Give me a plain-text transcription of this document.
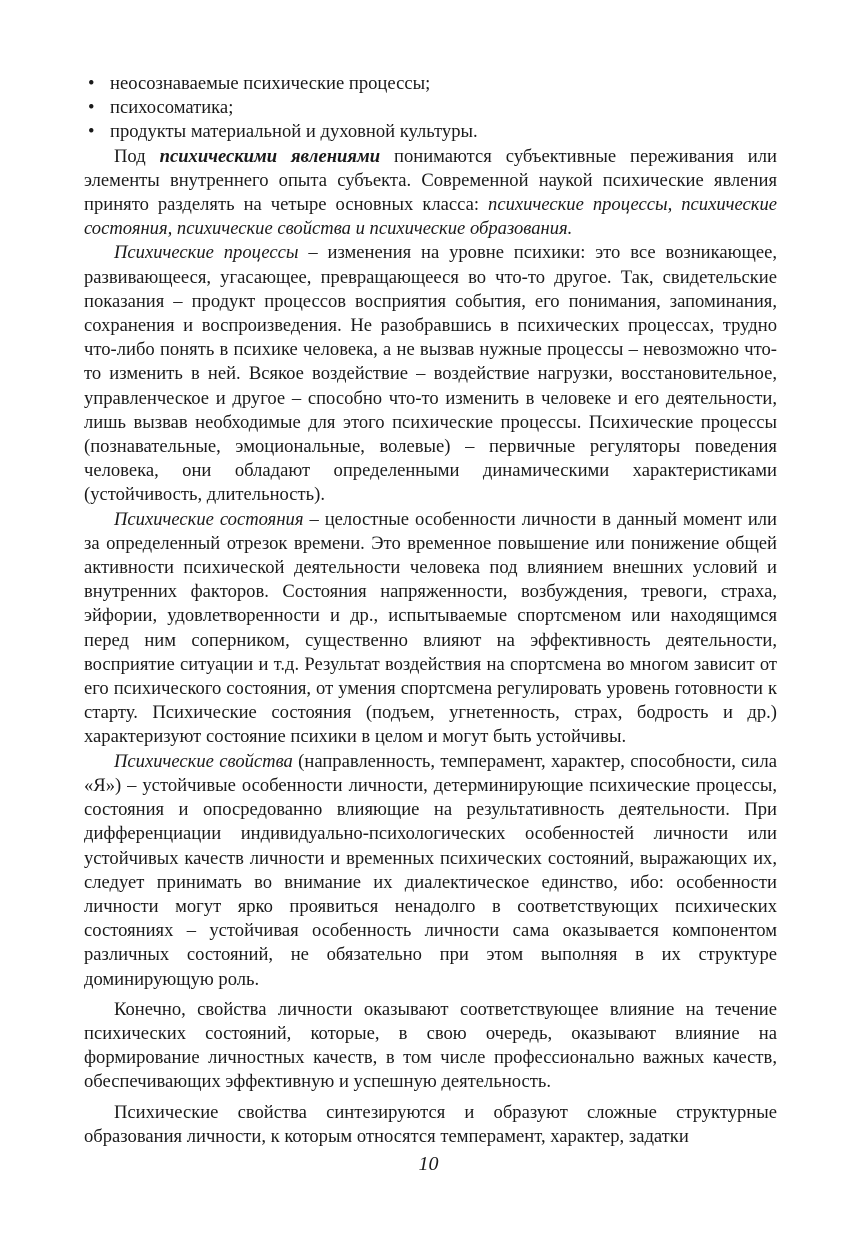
• неосознаваемые психические процессы;
• психосоматика;
• продукты материальной и духовной культуры.

Под психическими явлениями понимаются субъективные переживания или элементы внутреннего опыта субъекта. Современной наукой психические явления принято разделять на четыре основных класса: психические процессы, психические состояния, психические свойства и психические образования.

Психические процессы – изменения на уровне психики: это все возникающее, развивающееся, угасающее, превращающееся во что-то другое. Так, свидетельские показания – продукт процессов восприятия события, его понимания, запоминания, сохранения и воспроизведения. Не разобравшись в психических процессах, трудно что-либо понять в психике человека, а не вызвав нужные процессы – невозможно что-то изменить в ней. Всякое воздействие – воздействие нагрузки, восстановительное, управленческое и другое – способно что-то изменить в человеке и его деятельности, лишь вызвав необходимые для этого психические процессы. Психические процессы (познавательные, эмоциональные, волевые) – первичные регуляторы поведения человека, они обладают определенными динамическими характеристиками (устойчивость, длительность).

Психические состояния – целостные особенности личности в данный момент или за определенный отрезок времени. Это временное повышение или понижение общей активности психической деятельности человека под влиянием внешних условий и внутренних факторов. Состояния напряженности, возбуждения, тревоги, страха, эйфории, удовлетворенности и др., испытываемые спортсменом или находящимся перед ним соперником, существенно влияют на эффективность деятельности, восприятие ситуации и т.д. Результат воздействия на спортсмена во многом зависит от его психического состояния, от умения спортсмена регулировать уровень готовности к старту. Психические состояния (подъем, угнетенность, страх, бодрость и др.) характеризуют состояние психики в целом и могут быть устойчивы.

Психические свойства (направленность, темперамент, характер, способности, сила «Я») – устойчивые особенности личности, детерминирующие психические процессы, состояния и опосредованно влияющие на результативность деятельности. При дифференциации индивидуально-психологических особенностей личности или устойчивых качеств личности и временных психических состояний, выражающих их, следует принимать во внимание их диалектическое единство, ибо: особенности личности могут ярко проявиться ненадолго в соответствующих психических состояниях – устойчивая особенность личности сама оказывается компонентом различных состояний, не обязательно при этом выполняя в их структуре доминирующую роль.

Конечно, свойства личности оказывают соответствующее влияние на течение психических состояний, которые, в свою очередь, оказывают влияние на формирование личностных качеств, в том числе профессионально важных качеств, обеспечивающих эффективную и успешную деятельность.

Психические свойства синтезируются и образуют сложные структурные образования личности, к которым относятся темперамент, характер, задатки

10
